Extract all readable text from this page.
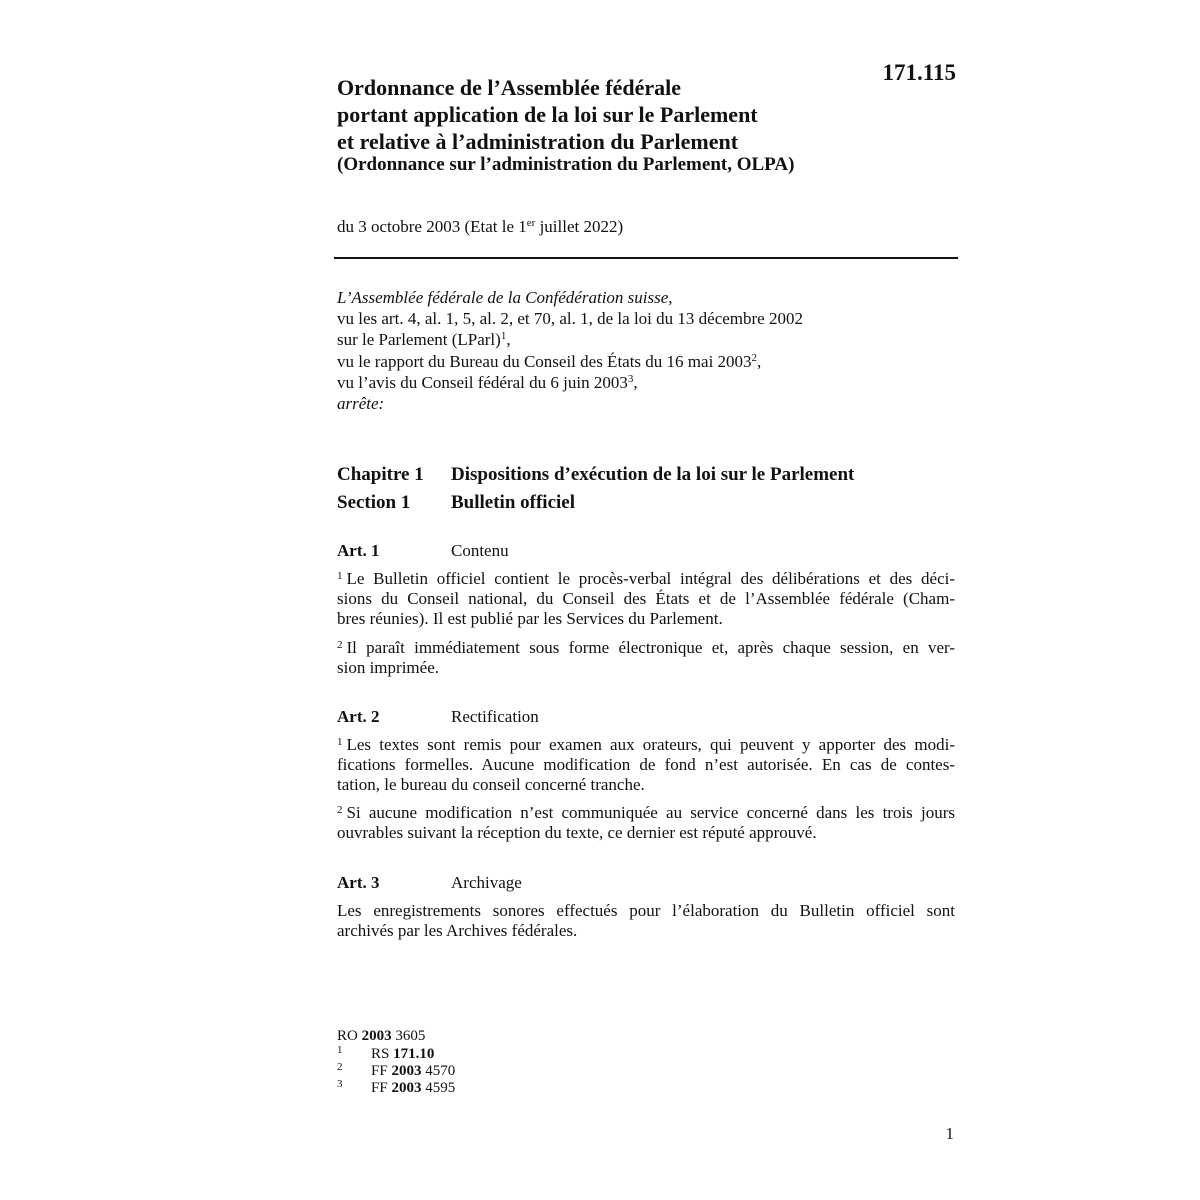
171.115
Ordonnance de l’Assemblée fédérale
portant application de la loi sur le Parlement
et relative à l’administration du Parlement
(Ordonnance sur l’administration du Parlement, OLPA)
du 3 octobre 2003 (Etat le 1er juillet 2022)
L’Assemblée fédérale de la Confédération suisse,
vu les art. 4, al. 1, 5, al. 2, et 70, al. 1, de la loi du 13 décembre 2002
sur le Parlement (LParl)$^1$,
vu le rapport du Bureau du Conseil des États du 16 mai 2003$^2$,
vu l’avis du Conseil fédéral du 6 juin 2003$^3$,
arrête:
Chapitre 1 Dispositions d’exécution de la loi sur le Parlement
Section 1 Bulletin officiel
Art. 1	Contenu
$^1$ Le Bulletin officiel contient le procès-verbal intégral des délibérations et des déci-
sions du Conseil national, du Conseil des États et de l’Assemblée fédérale (Cham-
bres réunies). Il est publié par les Services du Parlement.
$^2$ Il paraît immédiatement sous forme électronique et, après chaque session, en ver-
sion imprimée.
Art. 2	Rectification
$^1$ Les textes sont remis pour examen aux orateurs, qui peuvent y apporter des modi-
fications formelles. Aucune modification de fond n’est autorisée. En cas de contes-
tation, le bureau du conseil concerné tranche.
$^2$ Si aucune modification n’est communiquée au service concerné dans les trois jours
ouvrables suivant la réception du texte, ce dernier est réputé approuvé.
Art. 3	Archivage
Les enregistrements sonores effectués pour l’élaboration du Bulletin officiel sont
archivés par les Archives fédérales.
RO 2003 3605
1 RS 171.10
2 FF 2003 4570
3 FF 2003 4595
1
